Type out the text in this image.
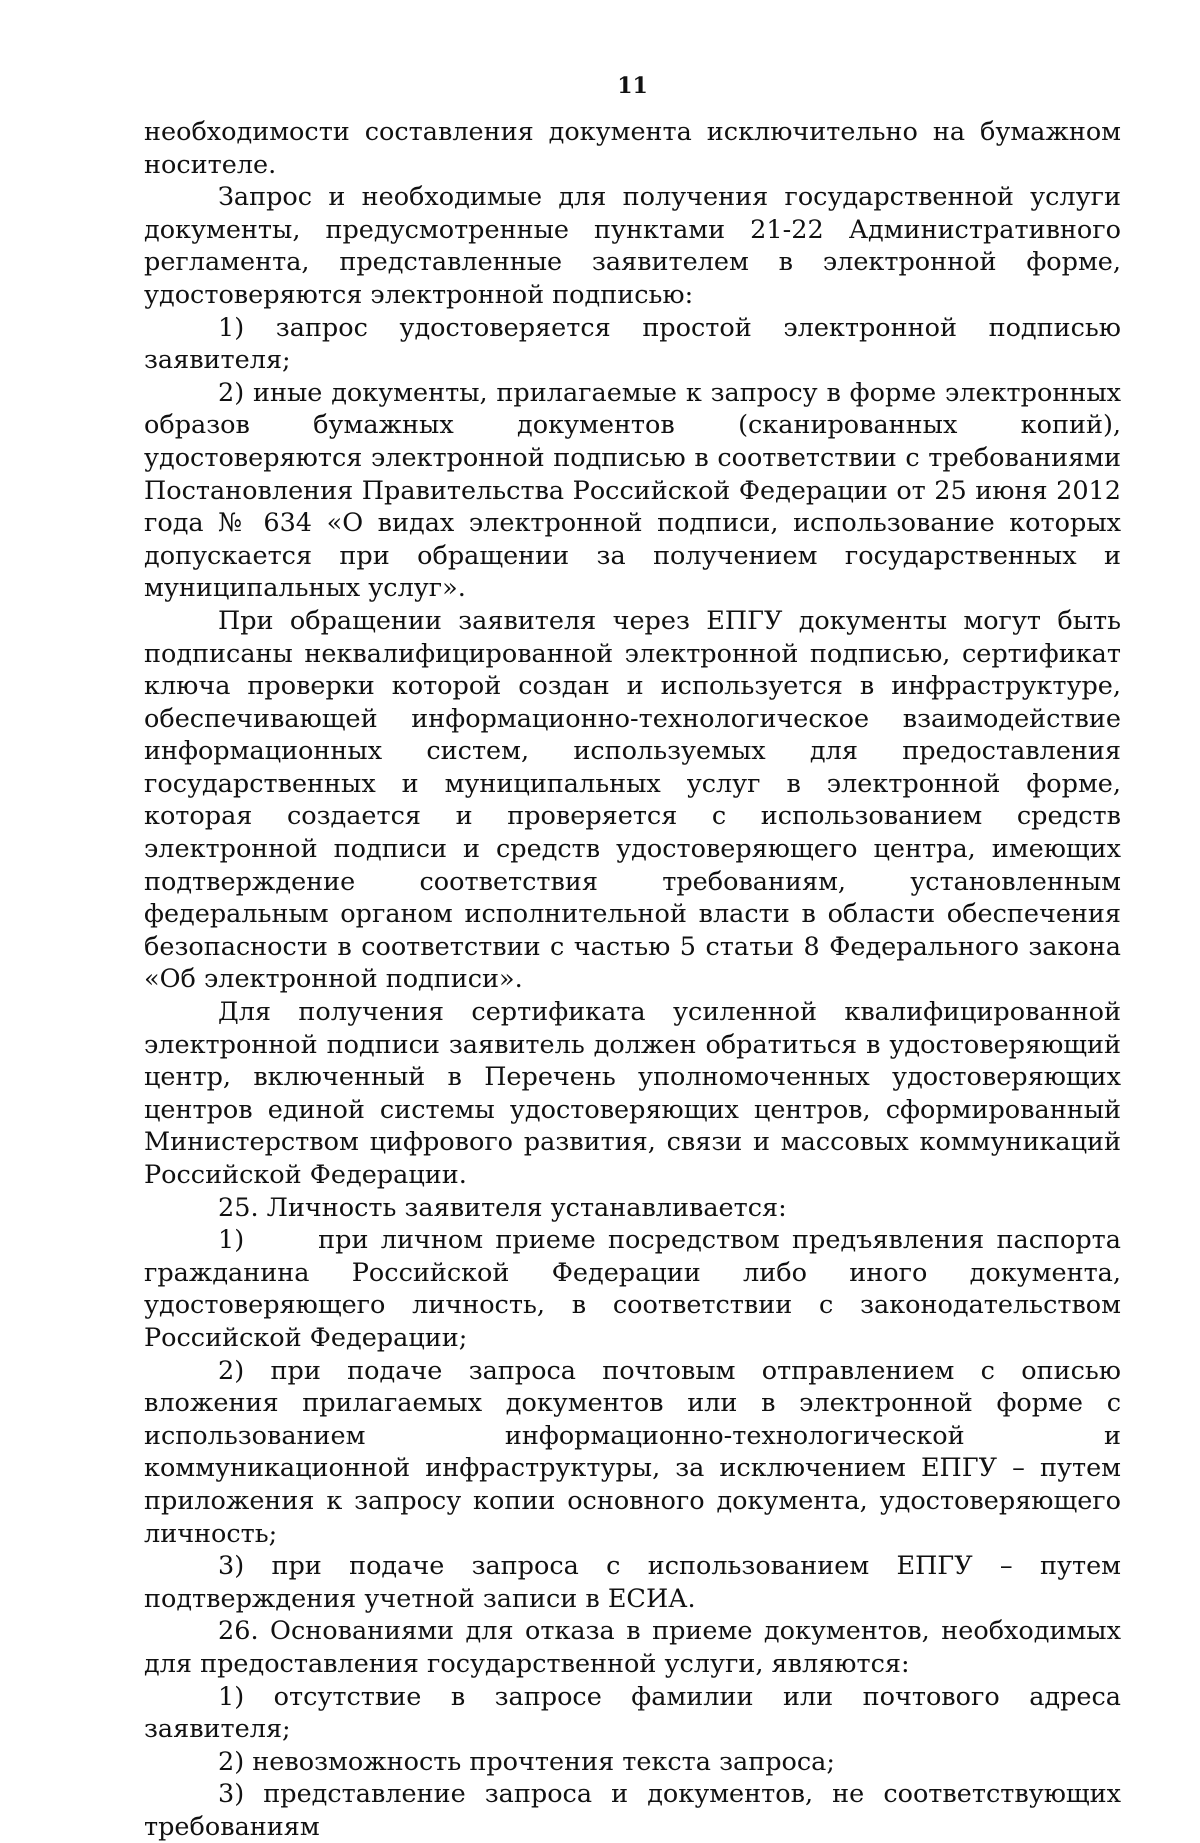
11

необходимости составления документа исключительно на бумажном носителе.

Запрос и необходимые для получения государственной услуги документы, предусмотренные пунктами 21-22 Административного регламента, представленные заявителем в электронной форме, удостоверяются электронной подписью:

1) запрос удостоверяется простой электронной подписью заявителя;

2) иные документы, прилагаемые к запросу в форме электронных образов бумажных документов (сканированных копий), удостоверяются электронной подписью в соответствии с требованиями Постановления Правительства Российской Федерации от 25 июня 2012 года № 634 «О видах электронной подписи, использование которых допускается при обращении за получением государственных и муниципальных услуг».

При обращении заявителя через ЕПГУ документы могут быть подписаны неквалифицированной электронной подписью, сертификат ключа проверки которой создан и используется в инфраструктуре, обеспечивающей информационно-технологическое взаимодействие информационных систем, используемых для предоставления государственных и муниципальных услуг в электронной форме, которая создается и проверяется с использованием средств электронной подписи и средств удостоверяющего центра, имеющих подтверждение соответствия требованиям, установленным федеральным органом исполнительной власти в области обеспечения безопасности в соответствии с частью 5 статьи 8 Федерального закона «Об электронной подписи».

Для получения сертификата усиленной квалифицированной электронной подписи заявитель должен обратиться в удостоверяющий центр, включенный в Перечень уполномоченных удостоверяющих центров единой системы удостоверяющих центров, сформированный Министерством цифрового развития, связи и массовых коммуникаций Российской Федерации.

25. Личность заявителя устанавливается:

1)      при личном приеме посредством предъявления паспорта гражданина Российской Федерации либо иного документа, удостоверяющего личность, в соответствии с законодательством Российской Федерации;

2) при подаче запроса почтовым отправлением с описью вложения прилагаемых документов или в электронной форме с использованием информационно-технологической и коммуникационной инфраструктуры, за исключением ЕПГУ – путем приложения к запросу копии основного документа, удостоверяющего личность;

3) при подаче запроса с использованием ЕПГУ – путем подтверждения учетной записи в ЕСИА.

26. Основаниями для отказа в приеме документов, необходимых для предоставления государственной услуги, являются:

1) отсутствие в запросе фамилии или почтового адреса заявителя;

2) невозможность прочтения текста запроса;

3) представление запроса и документов, не соответствующих требованиям
